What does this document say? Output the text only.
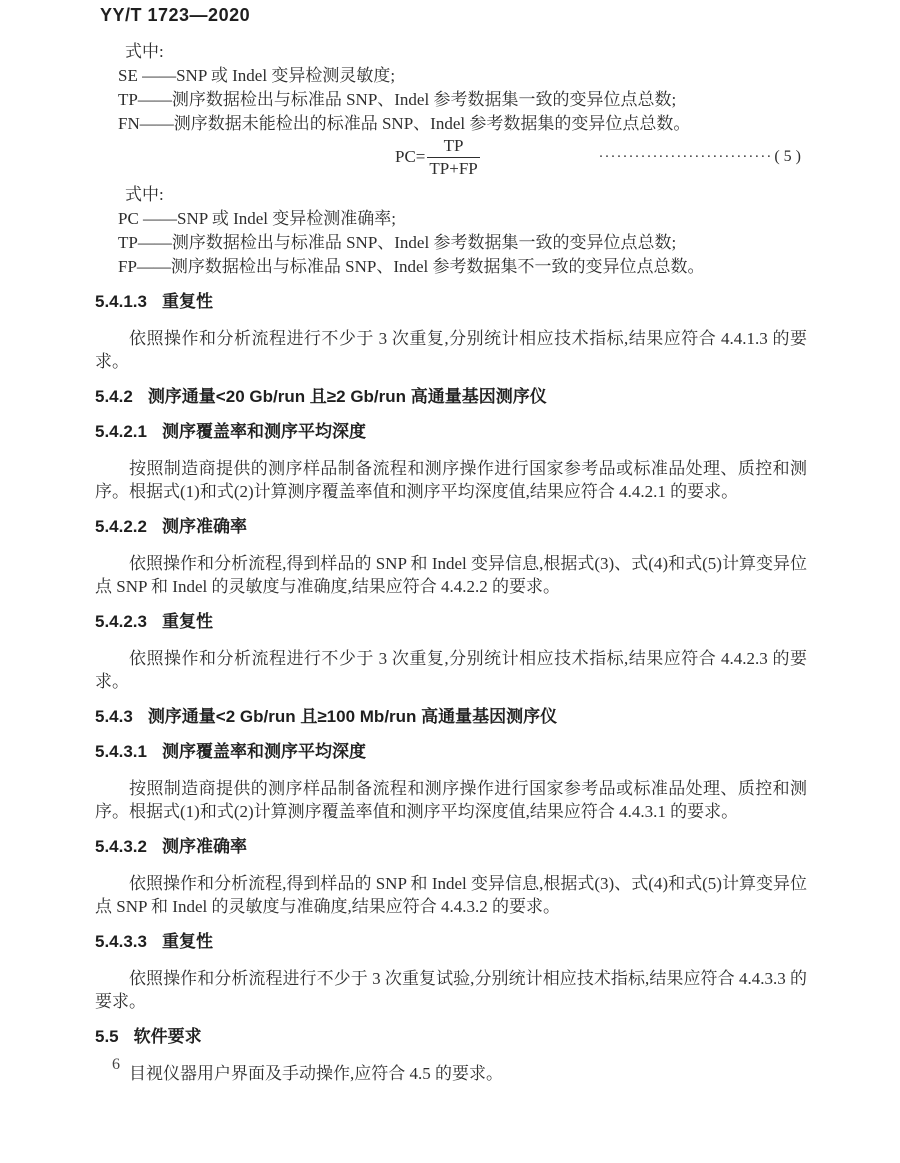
YY/T 1723—2020
式中:
SE ——SNP 或 Indel 变异检测灵敏度;
TP——测序数据检出与标准品 SNP、Indel 参考数据集一致的变异位点总数;
FN——测序数据未能检出的标准品 SNP、Indel 参考数据集的变异位点总数。
$PC= \frac{TP}{TP+FP}$	····························· ( 5 )
式中:
PC ——SNP 或 Indel 变异检测准确率;
TP——测序数据检出与标准品 SNP、Indel 参考数据集一致的变异位点总数;
FP——测序数据检出与标准品 SNP、Indel 参考数据集不一致的变异位点总数。
5.4.1.3 重复性
依照操作和分析流程进行不少于 3 次重复,分别统计相应技术指标,结果应符合 4.4.1.3 的要求。
5.4.2 测序通量<20 Gb/run 且≥2 Gb/run 高通量基因测序仪
5.4.2.1 测序覆盖率和测序平均深度
按照制造商提供的测序样品制备流程和测序操作进行国家参考品或标准品处理、质控和测序。根据式(1)和式(2)计算测序覆盖率值和测序平均深度值,结果应符合 4.4.2.1 的要求。
5.4.2.2 测序准确率
依照操作和分析流程,得到样品的 SNP 和 Indel 变异信息,根据式(3)、式(4)和式(5)计算变异位点 SNP 和 Indel 的灵敏度与准确度,结果应符合 4.4.2.2 的要求。
5.4.2.3 重复性
依照操作和分析流程进行不少于 3 次重复,分别统计相应技术指标,结果应符合 4.4.2.3 的要求。
5.4.3 测序通量<2 Gb/run 且≥100 Mb/run 高通量基因测序仪
5.4.3.1 测序覆盖率和测序平均深度
按照制造商提供的测序样品制备流程和测序操作进行国家参考品或标准品处理、质控和测序。根据式(1)和式(2)计算测序覆盖率值和测序平均深度值,结果应符合 4.4.3.1 的要求。
5.4.3.2 测序准确率
依照操作和分析流程,得到样品的 SNP 和 Indel 变异信息,根据式(3)、式(4)和式(5)计算变异位点 SNP 和 Indel 的灵敏度与准确度,结果应符合 4.4.3.2 的要求。
5.4.3.3 重复性
依照操作和分析流程进行不少于 3 次重复试验,分别统计相应技术指标,结果应符合 4.4.3.3 的要求。
5.5 软件要求
目视仪器用户界面及手动操作,应符合 4.5 的要求。
6
